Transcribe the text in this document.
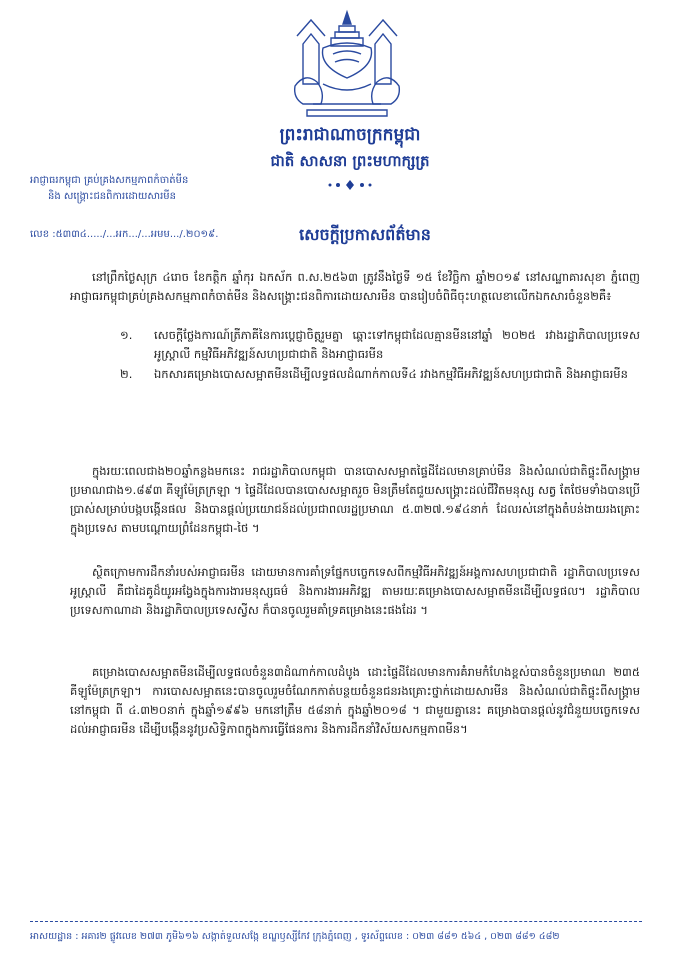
ព្រះរាជាណាចក្រកម្ពុជា
ជាតិ សាសនា ព្រះមហាក្សត្រ
អាជ្ញាធរកម្ពុជា គ្រប់គ្រងសកម្មភាពកំចាត់មីន
និង សង្គ្រោះជនពិការដោយសារមីន
លេខ :៥៣៣៤...../...អក.../...អមម.../.២០១៩.	សេចក្តីប្រកាសព័ត៌មាន
នៅព្រឹកថ្ងៃសុក្រ ៤រោច ខែកត្តិក ឆ្នាំកុរ ឯកស័ក ព.ស.២៥៦៣ ត្រូវនឹងថ្ងៃទី ១៥ ខែវិច្ឆិកា ឆ្នាំ២០១៩ នៅសណ្ឋាគារសុខា ភ្នំពេញ អាជ្ញាធរកម្ពុជាគ្រប់គ្រងសកម្មភាពកំចាត់មីន និងសង្គ្រោះជនពិការដោយសារមីន បានរៀបចំពិធីចុះហត្ថលេខាលើកឯកសារចំនួន២គឺ៖
១.	សេចក្តីថ្លែងការណ៍ត្រីភាគីនៃការប្តេជ្ញាចិត្តរួមគ្នា ឆ្ពោះទៅកម្ពុជាដែលគ្មានមីននៅឆ្នាំ ២០២៥ រវាងរដ្ឋាភិបាលប្រទេសអូស្រ្តាលី កម្មវិធីអភិវឌ្ឍន៍សហប្រជាជាតិ និងអាជ្ញាធរមីន
២.	ឯកសារគម្រោងបោសសម្អាតមីនដើម្បីលទ្ធផលដំណាក់កាលទី៤ រវាងកម្មវិធីអភិវឌ្ឍន៍សហប្រជាជាតិ និងអាជ្ញាធរមីន
ក្នុងរយៈពេលជាង២០ឆ្នាំកន្លងមកនេះ រាជរដ្ឋាភិបាលកម្ពុជា បានបោសសម្អាតផ្ទៃដីដែលមានគ្រាប់មីន និងសំណល់ជាតិផ្ទុះពីសង្គ្រាមប្រមាណជាង១.៨៩៣ គីឡូម៉ែត្រក្រឡា ។ ផ្ទៃដីដែលបានបោសសម្អាតរួច មិនត្រឹមតែជួយសង្គ្រោះដល់ជីវិតមនុស្ស សត្វ តែថែមទាំងបានប្រើប្រាស់សម្រាប់បង្កបង្កើនផល និងបានផ្តល់ប្រយោជន៍ដល់ប្រជាពលរដ្ឋប្រមាណ ៥.៣២៧.១៩៤នាក់ ដែលរស់នៅក្នុងតំបន់ងាយរងគ្រោះក្នុងប្រទេស តាមបណ្តោយព្រំដែនកម្ពុជា-ថៃ ។
ស្ថិតក្រោមការដឹកនាំរបស់អាជ្ញាធរមីន ដោយមានការគាំទ្រផ្នែកបច្ចេកទេសពីកម្មវិធីអភិវឌ្ឍន៍អង្គការសហប្រជាជាតិ រដ្ឋាភិបាលប្រទេសអូស្រ្តាលី គឺជាដៃគូដ៏យូរអង្វែងក្នុងការងារមនុស្សធម៌ និងការងារអភិវឌ្ឍ តាមរយៈគម្រោងបោសសម្អាតមីនដើម្បីលទ្ធផល។ រដ្ឋាភិបាលប្រទេសកាណាដា និងរដ្ឋាភិបាលប្រទេសស្វីស ក៏បានចូលរួមគាំទ្រគម្រោងនេះផងដែរ ។
គម្រោងបោសសម្អាតមីនដើម្បីលទ្ធផលចំនួន៣ដំណាក់កាលដំបូង ដោះផ្ទៃដីដែលមានការគំរាមកំហែងខ្ពស់បានចំនួនប្រមាណ ២៣៥ គីឡូម៉ែត្រក្រឡា។ ការបោសសម្អាតនេះបានចូលរួមចំណែកកាត់បន្ថយចំនួនជនរងគ្រោះថ្នាក់ដោយសារមីន និងសំណល់ជាតិផ្ទុះពីសង្គ្រាមនៅកម្ពុជា ពី ៤.៣២០នាក់ ក្នុងឆ្នាំ១៩៩៦ មកនៅត្រឹម ៥៨នាក់ ក្នុងឆ្នាំ២០១៨ ។ ជាមួយគ្នានេះ គម្រោងបានផ្តល់នូវជំនួយបច្ចេកទេសដល់អាជ្ញាធរមីន ដើម្បីបង្កើននូវប្រសិទ្ធិភាពក្នុងការធ្វើផែនការ និងការដឹកនាំវិស័យសកម្មភាពមីន។
អាសយដ្ឋាន : អគារ២ ផ្លូវលេខ ២៧៣ ភូមិ៦១៦ សង្កាត់ទួលសង្កែ ខណ្ឌឫស្សីកែវ ក្រុងភ្នំពេញ , ទូរស័ព្ទលេខ : ០២៣ ៨៨១ ៥៦៤ , ០២៣ ៨៨១ ៤៨២
